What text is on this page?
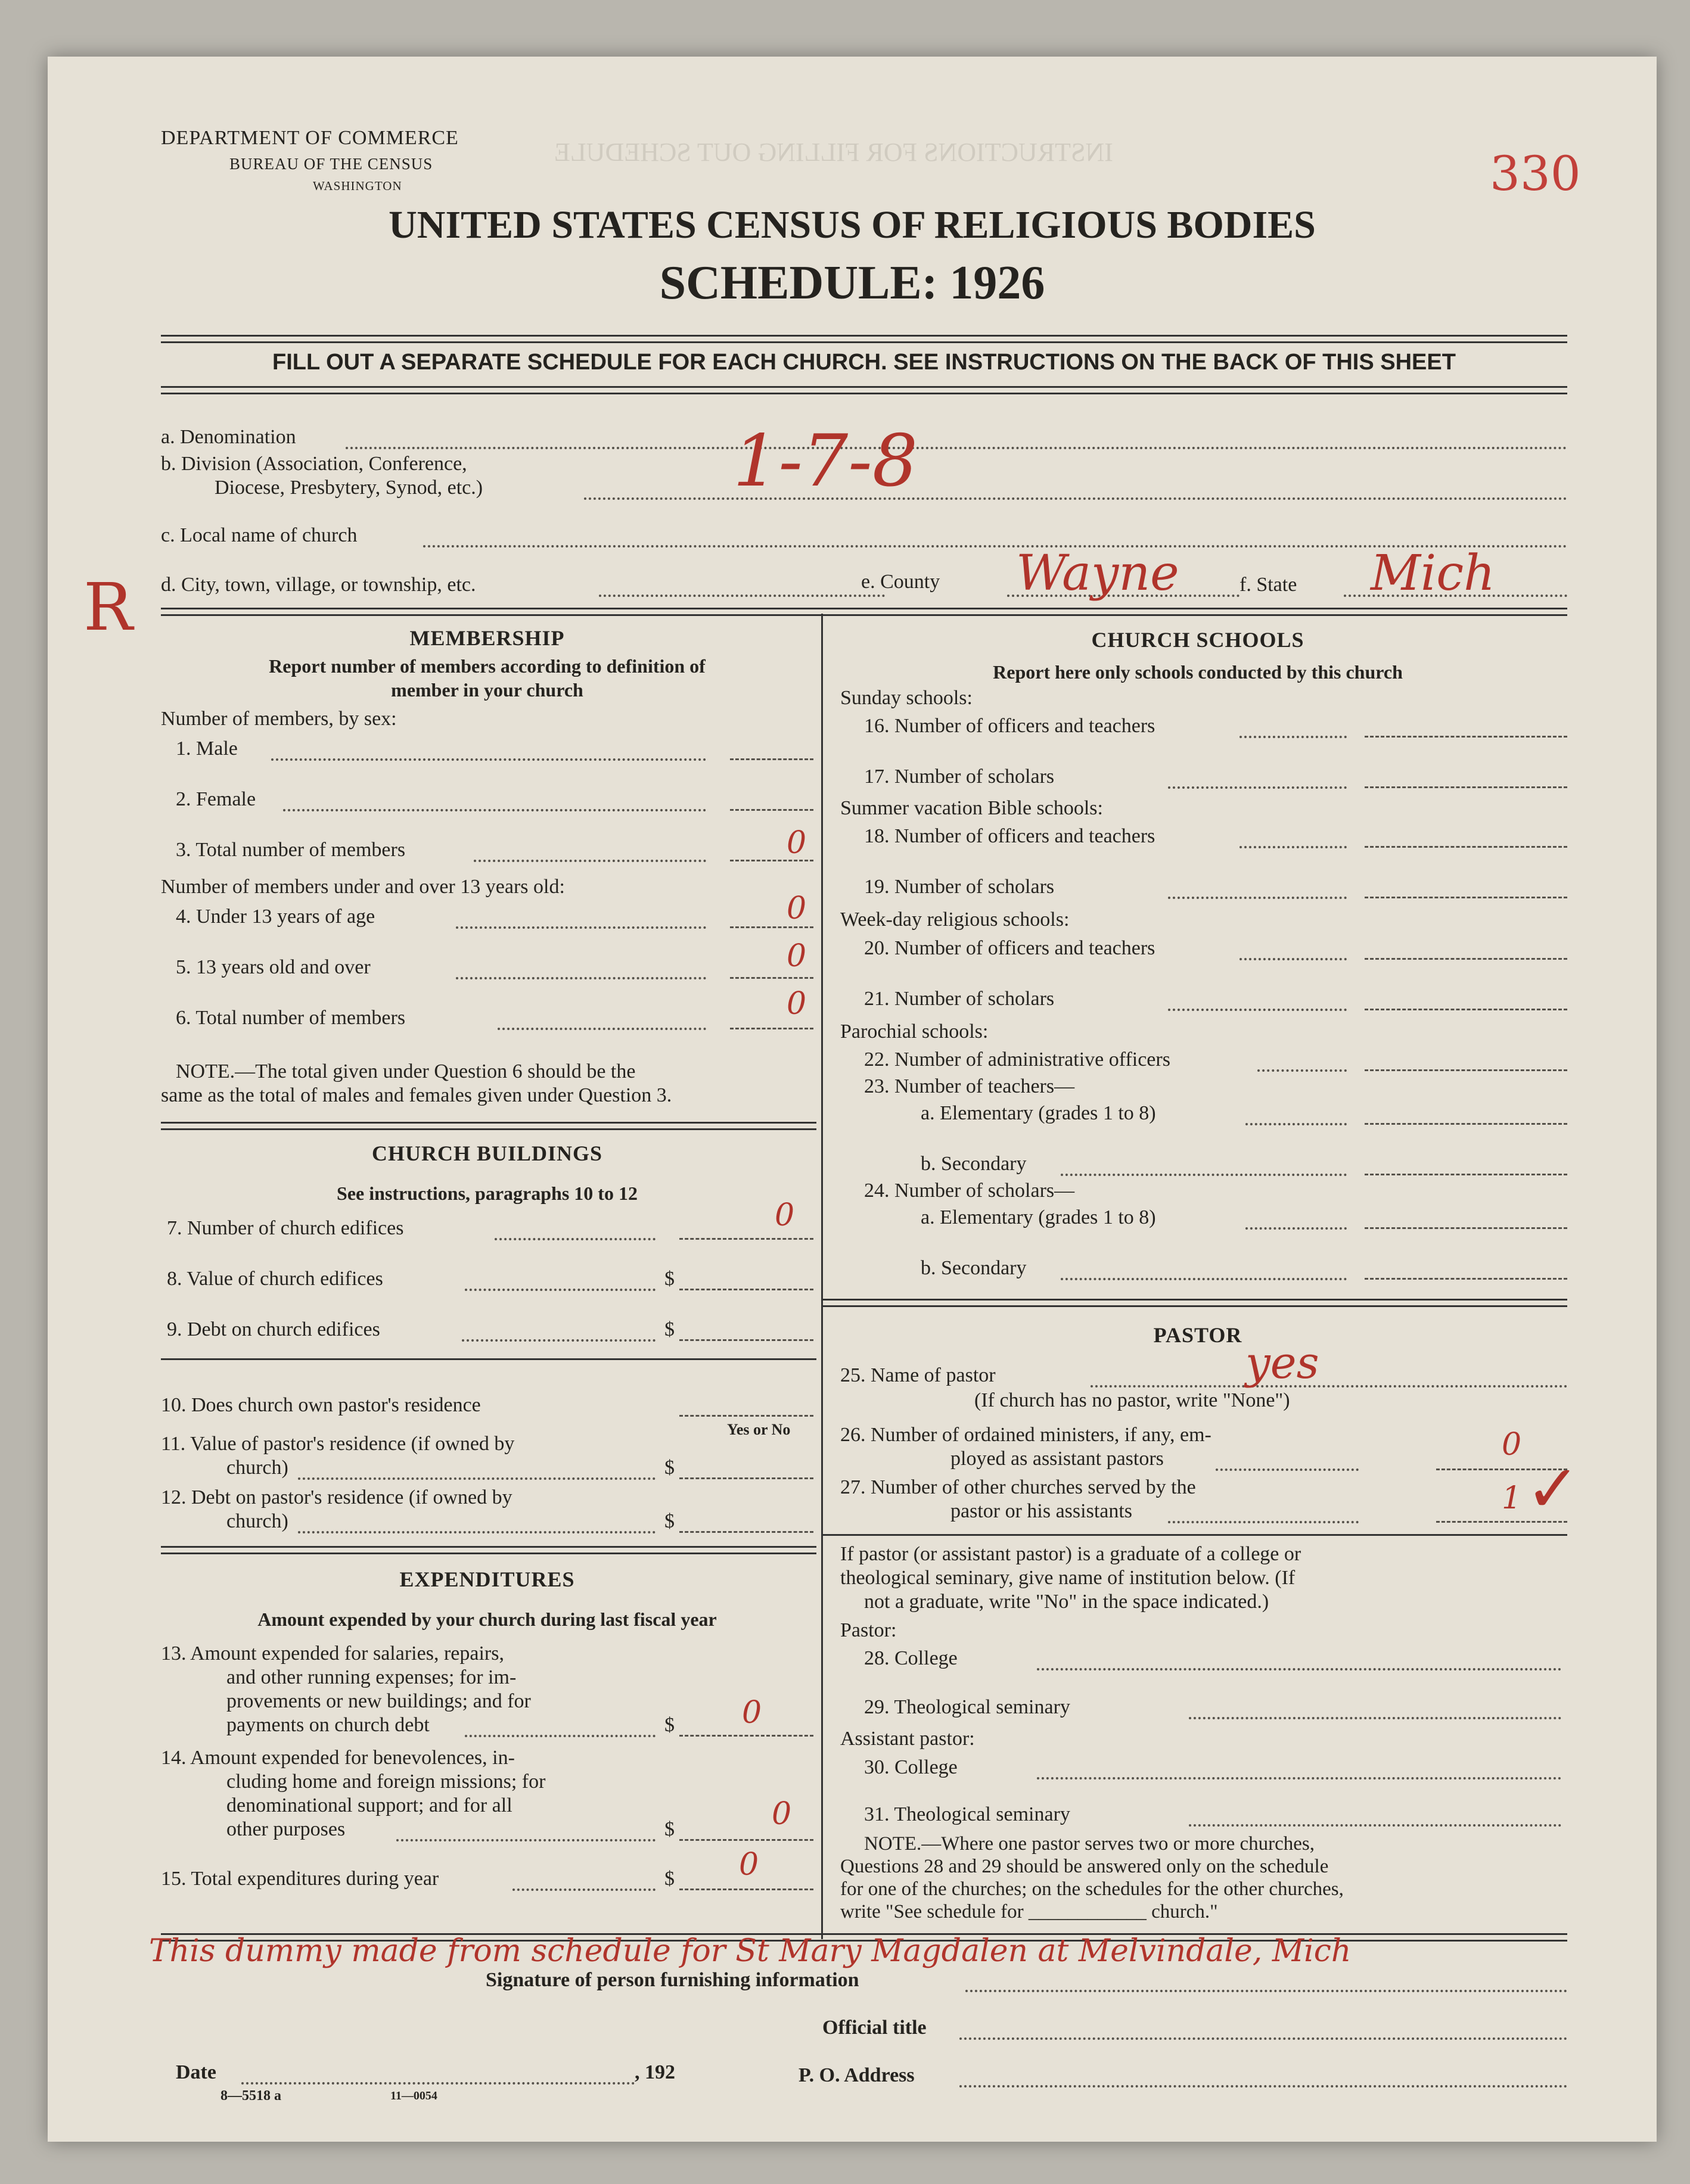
INSTRUCTIONS FOR FILLING OUT SCHEDULE
DEPARTMENT OF COMMERCE
BUREAU OF THE CENSUS
WASHINGTON	330
UNITED STATES CENSUS OF RELIGIOUS BODIES
SCHEDULE: 1926
FILL OUT A SEPARATE SCHEDULE FOR EACH CHURCH. SEE INSTRUCTIONS ON THE BACK OF THIS SHEET
a. Denomination
b. Division (Association, Conference,
Diocese, Presbytery, Synod, etc.)	1-7-8
c. Local name of church
R d. City, town, village, or township, etc.	e. County Wayne	f. State Mich
MEMBERSHIP
Report number of members according to definition of
member in your church
Number of members, by sex:
1. Male
2. Female
3. Total number of members	0
Number of members under and over 13 years old:
4. Under 13 years of age	0
5. 13 years old and over	0
6. Total number of members	0
NOTE.—The total given under Question 6 should be the
same as the total of males and females given under Question 3.
CHURCH BUILDINGS
See instructions, paragraphs 10 to 12
7. Number of church edifices	0
8. Value of church edifices	$
9. Debt on church edifices	$
10. Does church own pastor's residence
Yes or No
11. Value of pastor's residence (if owned by
church)	$
12. Debt on pastor's residence (if owned by
church)	$
EXPENDITURES
Amount expended by your church during last fiscal year
13. Amount expended for salaries, repairs,
and other running expenses; for im-
provements or new buildings; and for
payments on church debt	$ 0
14. Amount expended for benevolences, in-
cluding home and foreign missions; for
denominational support; and for all
other purposes	$	0
15. Total expenditures during year	$ 0
CHURCH SCHOOLS
Report here only schools conducted by this church
Sunday schools:
16. Number of officers and teachers
17. Number of scholars
Summer vacation Bible schools:
18. Number of officers and teachers
19. Number of scholars
Week-day religious schools:
20. Number of officers and teachers
21. Number of scholars
Parochial schools:
22. Number of administrative officers
23. Number of teachers—
a. Elementary (grades 1 to 8)
b. Secondary
24. Number of scholars—
a. Elementary (grades 1 to 8)
b. Secondary
PASTOR
25. Name of pastor	yes
(If church has no pastor, write "None")
26. Number of ordained ministers, if any, em-
ployed as assistant pastors	0
27. Number of other churches served by the
pastor or his assistants	1 ✓
If pastor (or assistant pastor) is a graduate of a college or
theological seminary, give name of institution below. (If
not a graduate, write "No" in the space indicated.)
Pastor:
28. College
29. Theological seminary
Assistant pastor:
30. College
31. Theological seminary
NOTE.—Where one pastor serves two or more churches,
Questions 28 and 29 should be answered only on the schedule
for one of the churches; on the schedules for the other churches,
write "See schedule for ____________ church."
This dummy made from schedule for St Mary Magdalen at Melvindale, Mich
Signature of person furnishing information
Official title
Date	, 192	P. O. Address
8—5518 a	11—0054
